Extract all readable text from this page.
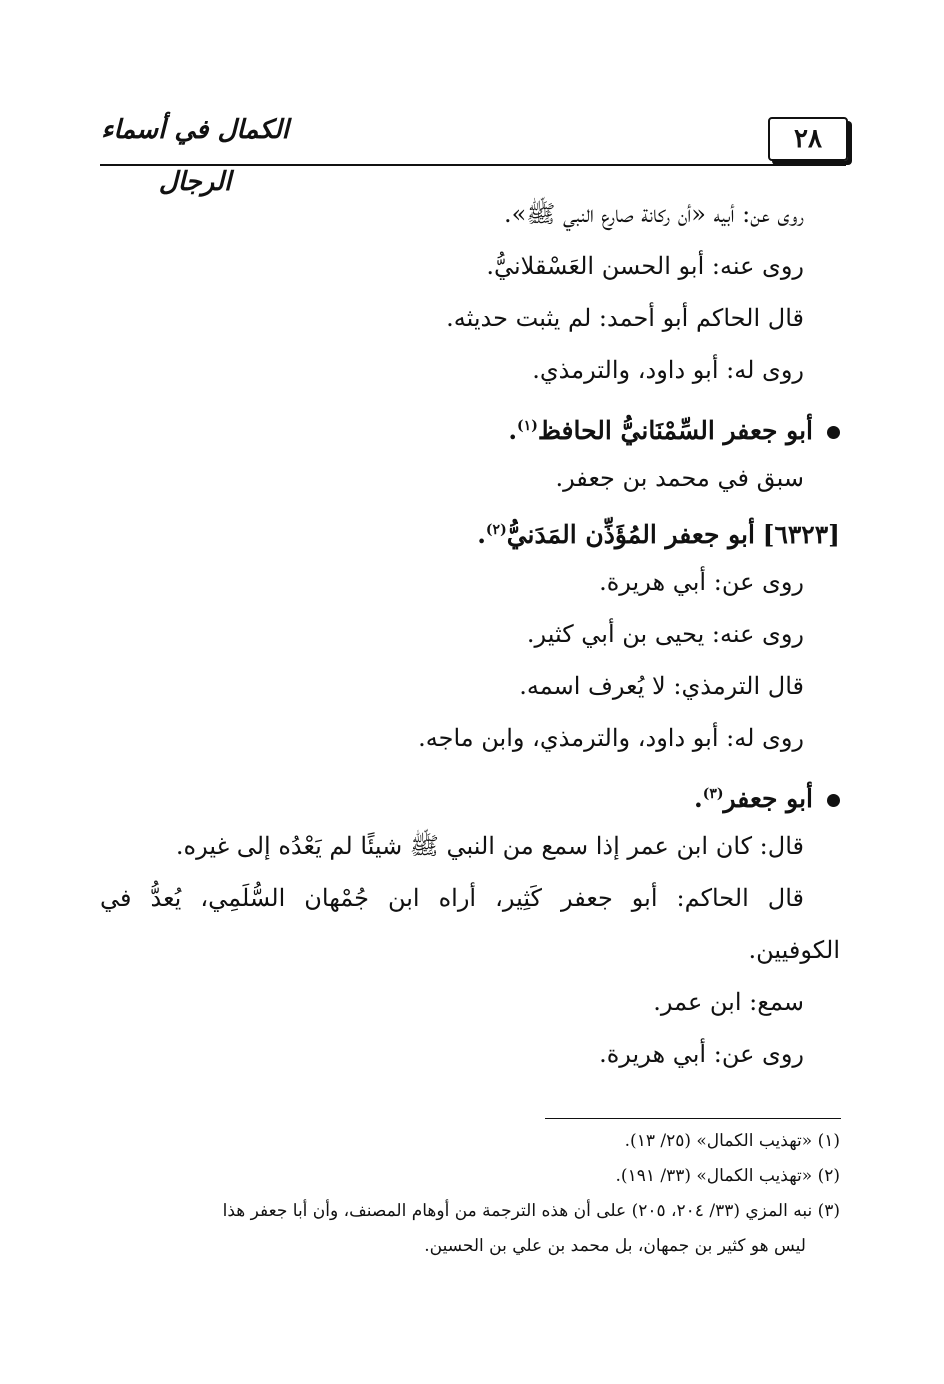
٢٨
الكمال في أسماء الرجال
روى عن: أبيه «أن ركانة صارع النبي ﷺ».
روى عنه: أبو الحسن العَسْقلانيُّ.
قال الحاكم أبو أحمد: لم يثبت حديثه.
روى له: أبو داود، والترمذي.
أبو جعفر السِّمْنَانيُّ الحافظ$^{(١)}$.
سبق في محمد بن جعفر.
[٦٣٢٣] أبو جعفر المُؤَذِّن المَدَنيُّ$^{(٢)}$.
روى عن: أبي هريرة.
روى عنه: يحيى بن أبي كثير.
قال الترمذي: لا يُعرف اسمه.
روى له: أبو داود، والترمذي، وابن ماجه.
أبو جعفر$^{(٣)}$.
قال: كان ابن عمر إذا سمع من النبي ﷺ شيئًا لم يَعْدُه إلى غيره.
قال الحاكم: أبو جعفر كَثِير، أراه ابن جُمْهان السُّلَمِي، يُعدُّ في
الكوفيين.
سمع: ابن عمر.
روى عن: أبي هريرة.
(١) «تهذيب الكمال» (٢٥/ ١٣).
(٢) «تهذيب الكمال» (٣٣/ ١٩١).
(٣) نبه المزي (٣٣/ ٢٠٤، ٢٠٥) على أن هذه الترجمة من أوهام المصنف، وأن أبا جعفر هذا
ليس هو كثير بن جمهان، بل محمد بن علي بن الحسين.
